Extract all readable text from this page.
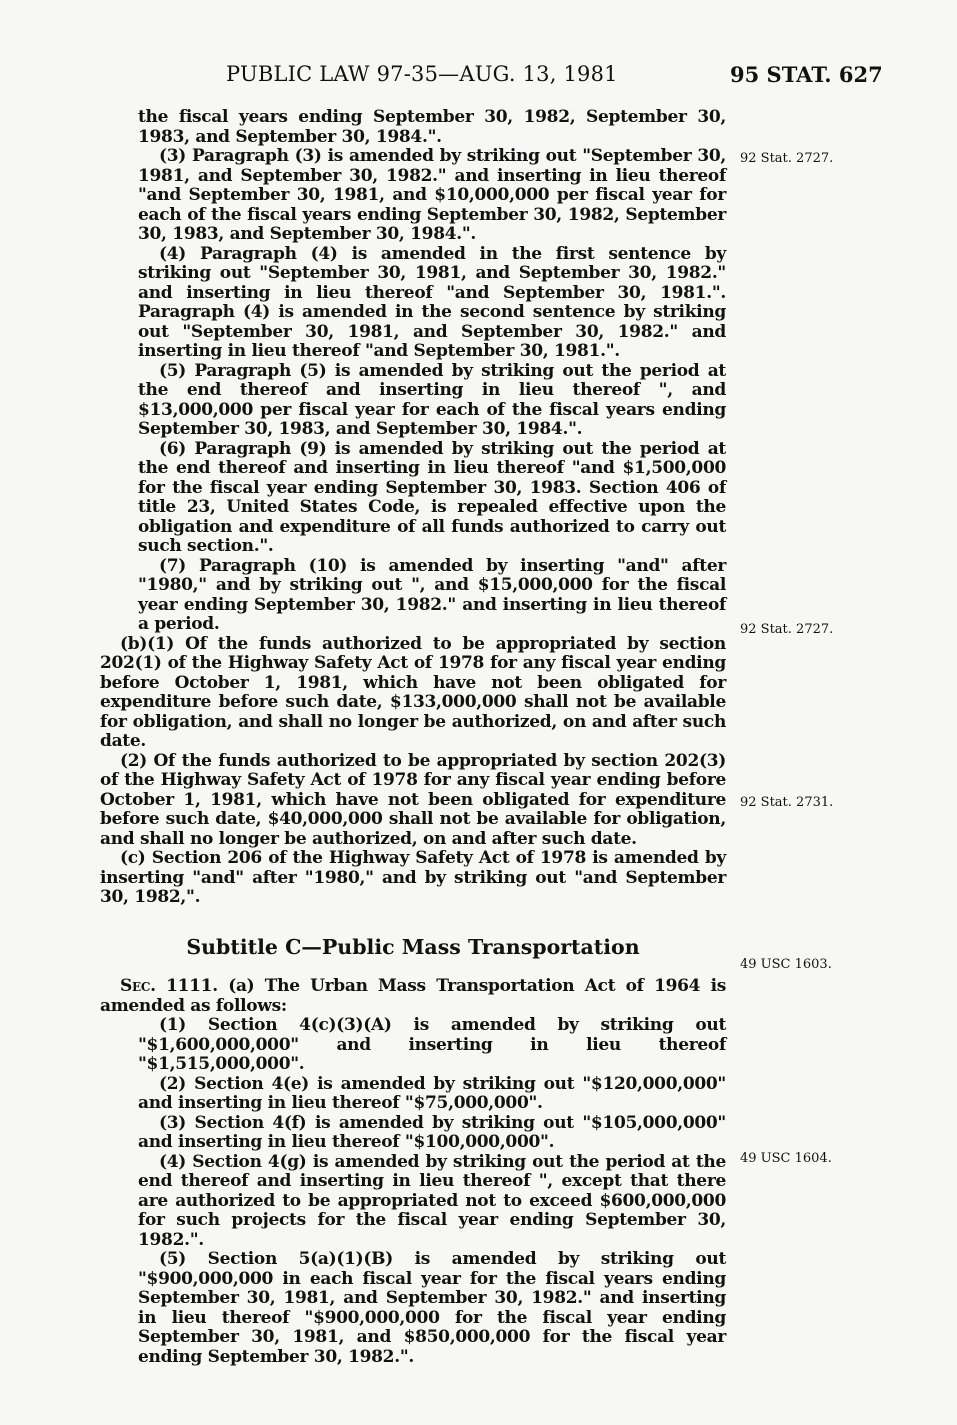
PUBLIC LAW 97-35—AUG. 13, 1981	95 STAT. 627

the fiscal years ending September 30, 1982, September 30, 1983, and September 30, 1984.".

(3) Paragraph (3) is amended by striking out "September 30, 1981, and September 30, 1982." and inserting in lieu thereof "and September 30, 1981, and $10,000,000 per fiscal year for each of the fiscal years ending September 30, 1982, September 30, 1983, and September 30, 1984.".

(4) Paragraph (4) is amended in the first sentence by striking out "September 30, 1981, and September 30, 1982." and inserting in lieu thereof "and September 30, 1981.". Paragraph (4) is amended in the second sentence by striking out "September 30, 1981, and September 30, 1982." and inserting in lieu thereof "and September 30, 1981.".

(5) Paragraph (5) is amended by striking out the period at the end thereof and inserting in lieu thereof ", and $13,000,000 per fiscal year for each of the fiscal years ending September 30, 1983, and September 30, 1984.".

(6) Paragraph (9) is amended by striking out the period at the end thereof and inserting in lieu thereof "and $1,500,000 for the fiscal year ending September 30, 1983. Section 406 of title 23, United States Code, is repealed effective upon the obligation and expenditure of all funds authorized to carry out such section.".

(7) Paragraph (10) is amended by inserting "and" after "1980," and by striking out ", and $15,000,000 for the fiscal year ending September 30, 1982." and inserting in lieu thereof a period.

(b)(1) Of the funds authorized to be appropriated by section 202(1) of the Highway Safety Act of 1978 for any fiscal year ending before October 1, 1981, which have not been obligated for expenditure before such date, $133,000,000 shall not be available for obligation, and shall no longer be authorized, on and after such date.

(2) Of the funds authorized to be appropriated by section 202(3) of the Highway Safety Act of 1978 for any fiscal year ending before October 1, 1981, which have not been obligated for expenditure before such date, $40,000,000 shall not be available for obligation, and shall no longer be authorized, on and after such date.

(c) Section 206 of the Highway Safety Act of 1978 is amended by inserting "and" after "1980," and by striking out "and September 30, 1982,".

Subtitle C—Public Mass Transportation

Sec. 1111. (a) The Urban Mass Transportation Act of 1964 is amended as follows:

(1) Section 4(c)(3)(A) is amended by striking out "$1,600,000,000" and inserting in lieu thereof "$1,515,000,000".

(2) Section 4(e) is amended by striking out "$120,000,000" and inserting in lieu thereof "$75,000,000".

(3) Section 4(f) is amended by striking out "$105,000,000" and inserting in lieu thereof "$100,000,000".

(4) Section 4(g) is amended by striking out the period at the end thereof and inserting in lieu thereof ", except that there are authorized to be appropriated not to exceed $600,000,000 for such projects for the fiscal year ending September 30, 1982.".

(5) Section 5(a)(1)(B) is amended by striking out "$900,000,000 in each fiscal year for the fiscal years ending September 30, 1981, and September 30, 1982." and inserting in lieu thereof "$900,000,000 for the fiscal year ending September 30, 1981, and $850,000,000 for the fiscal year ending September 30, 1982.".

92 Stat. 2727.
92 Stat. 2727.
92 Stat. 2731.
49 USC 1603.
49 USC 1604.
